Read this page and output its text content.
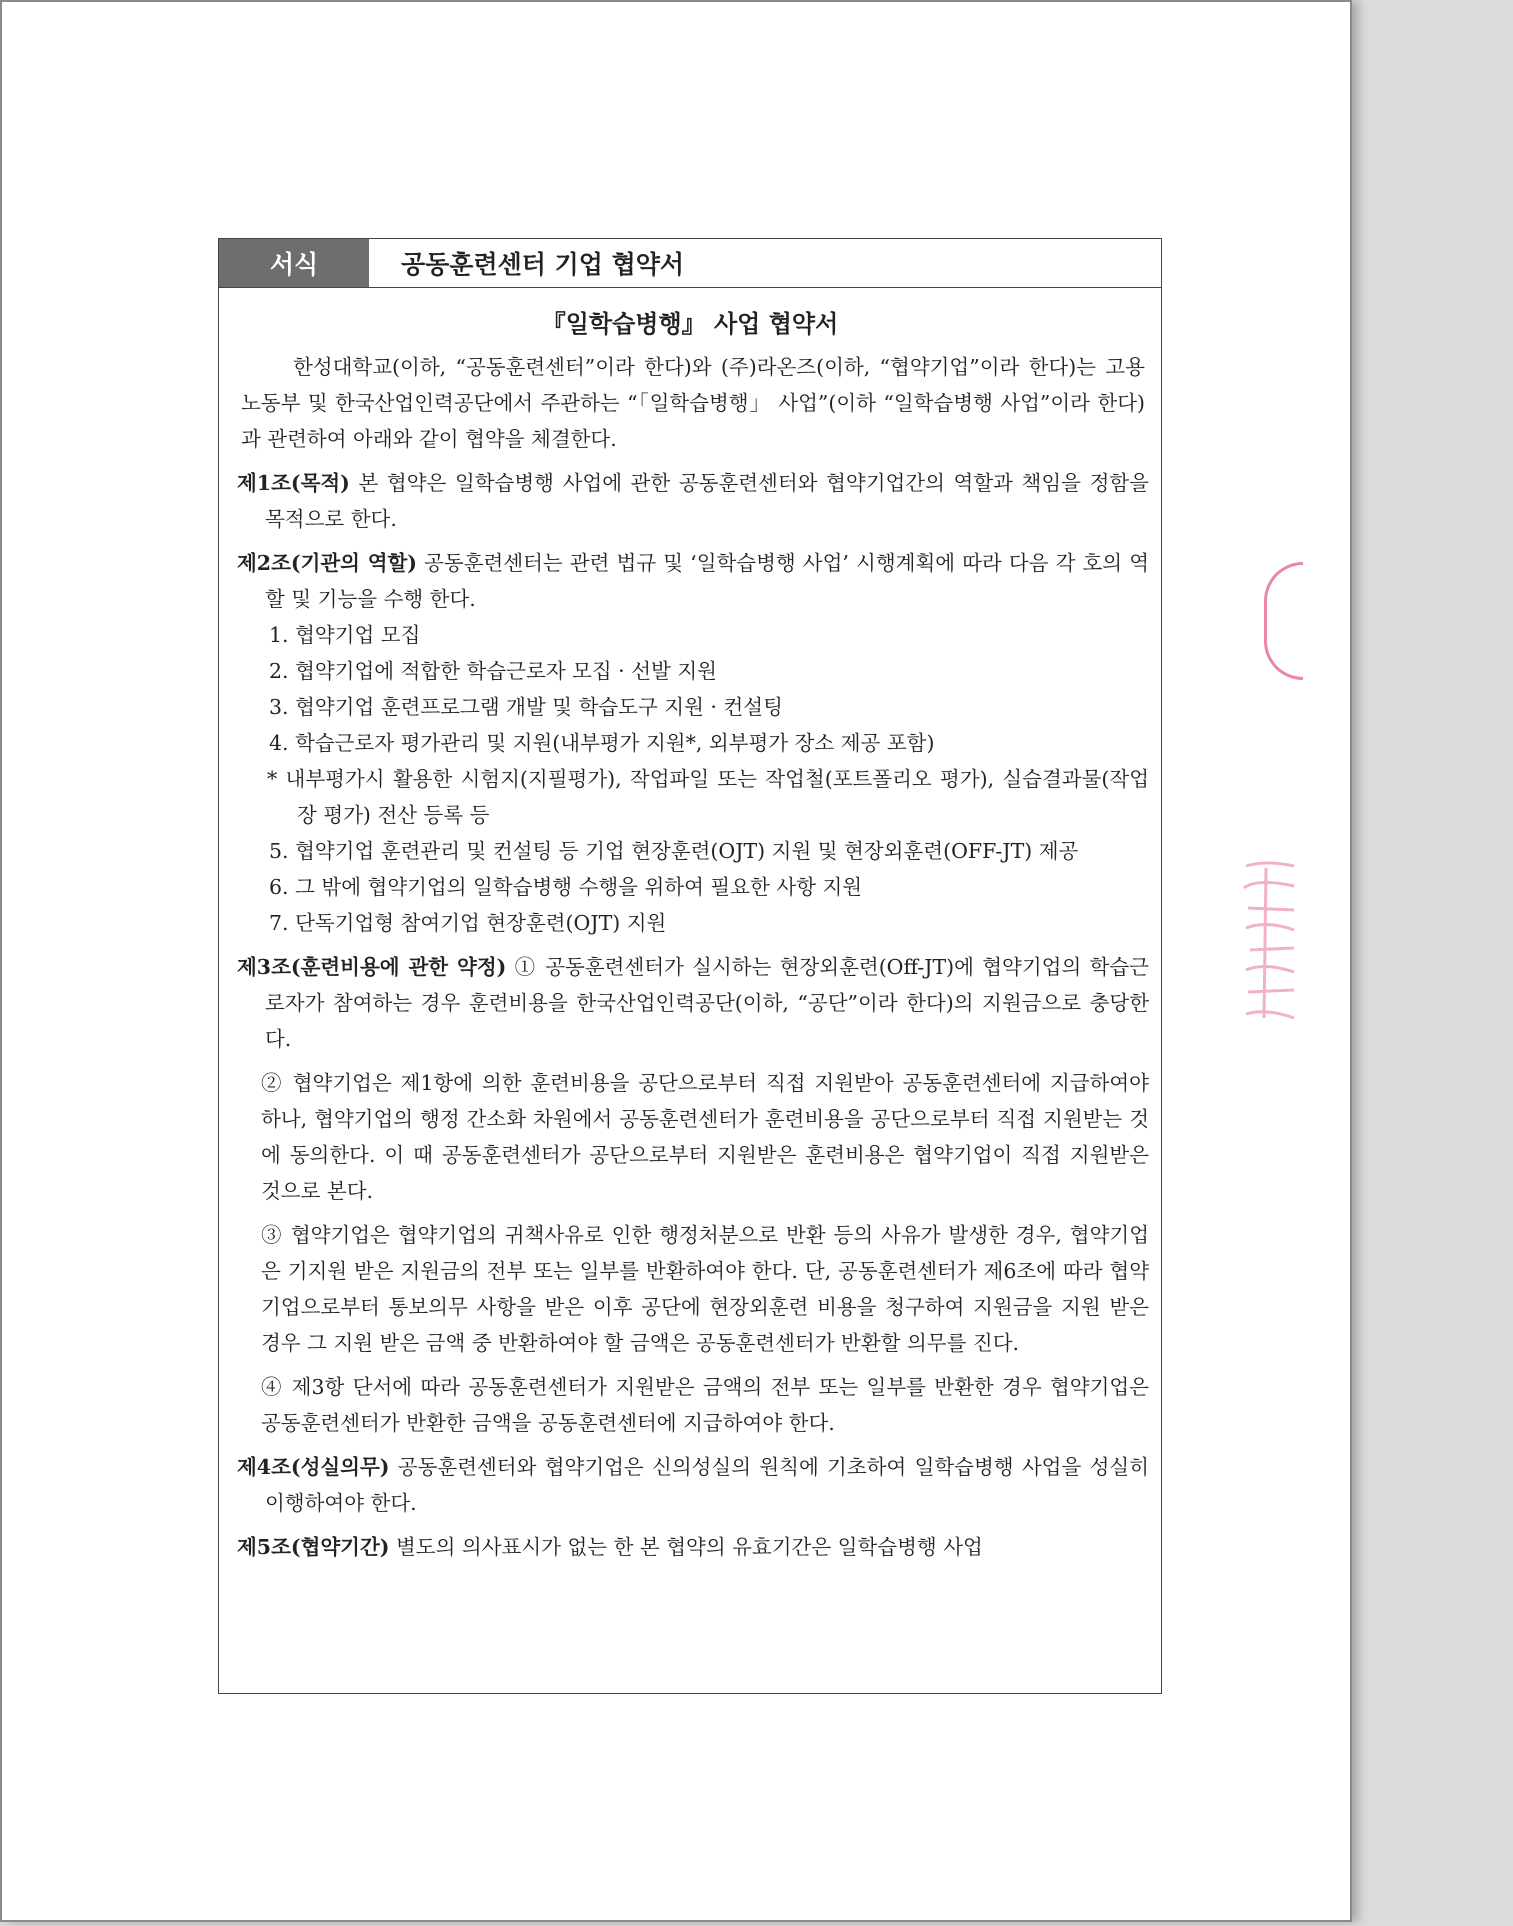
서식	공동훈련센터 기업 협약서
『일학습병행』 사업 협약서

한성대학교(이하, “공동훈련센터”이라 한다)와 (주)라온즈(이하, “협약기업”이라 한다)는 고용노동부 및 한국산업인력공단에서 주관하는 “「일학습병행」 사업”(이하 “일학습병행 사업”이라 한다)과 관련하여 아래와 같이 협약을 체결한다.

제1조(목적) 본 협약은 일학습병행 사업에 관한 공동훈련센터와 협약기업간의 역할과 책임을 정함을 목적으로 한다.

제2조(기관의 역할) 공동훈련센터는 관련 법규 및 ‘일학습병행 사업’ 시행계획에 따라 다음 각 호의 역할 및 기능을 수행 한다.

1. 협약기업 모집
2. 협약기업에 적합한 학습근로자 모집 · 선발 지원
3. 협약기업 훈련프로그램 개발 및 학습도구 지원 · 컨설팅
4. 학습근로자 평가관리 및 지원(내부평가 지원*, 외부평가 장소 제공 포함)

* 내부평가시 활용한 시험지(지필평가), 작업파일 또는 작업철(포트폴리오 평가), 실습결과물(작업장 평가) 전산 등록 등

5. 협약기업 훈련관리 및 컨설팅 등 기업 현장훈련(OJT) 지원 및 현장외훈련(OFF-JT) 제공
6. 그 밖에 협약기업의 일학습병행 수행을 위하여 필요한 사항 지원
7. 단독기업형 참여기업 현장훈련(OJT) 지원

제3조(훈련비용에 관한 약정) ① 공동훈련센터가 실시하는 현장외훈련(Off-JT)에 협약기업의 학습근로자가 참여하는 경우 훈련비용을 한국산업인력공단(이하, “공단”이라 한다)의 지원금으로 충당한다.

② 협약기업은 제1항에 의한 훈련비용을 공단으로부터 직접 지원받아 공동훈련센터에 지급하여야 하나, 협약기업의 행정 간소화 차원에서 공동훈련센터가 훈련비용을 공단으로부터 직접 지원받는 것에 동의한다. 이 때 공동훈련센터가 공단으로부터 지원받은 훈련비용은 협약기업이 직접 지원받은 것으로 본다.

③ 협약기업은 협약기업의 귀책사유로 인한 행정처분으로 반환 등의 사유가 발생한 경우, 협약기업은 기지원 받은 지원금의 전부 또는 일부를 반환하여야 한다. 단, 공동훈련센터가 제6조에 따라 협약기업으로부터 통보의무 사항을 받은 이후 공단에 현장외훈련 비용을 청구하여 지원금을 지원 받은 경우 그 지원 받은 금액 중 반환하여야 할 금액은 공동훈련센터가 반환할 의무를 진다.

④ 제3항 단서에 따라 공동훈련센터가 지원받은 금액의 전부 또는 일부를 반환한 경우 협약기업은 공동훈련센터가 반환한 금액을 공동훈련센터에 지급하여야 한다.

제4조(성실의무) 공동훈련센터와 협약기업은 신의성실의 원칙에 기초하여 일학습병행 사업을 성실히 이행하여야 한다.

제5조(협약기간) 별도의 의사표시가 없는 한 본 협약의 유효기간은 일학습병행 사업
